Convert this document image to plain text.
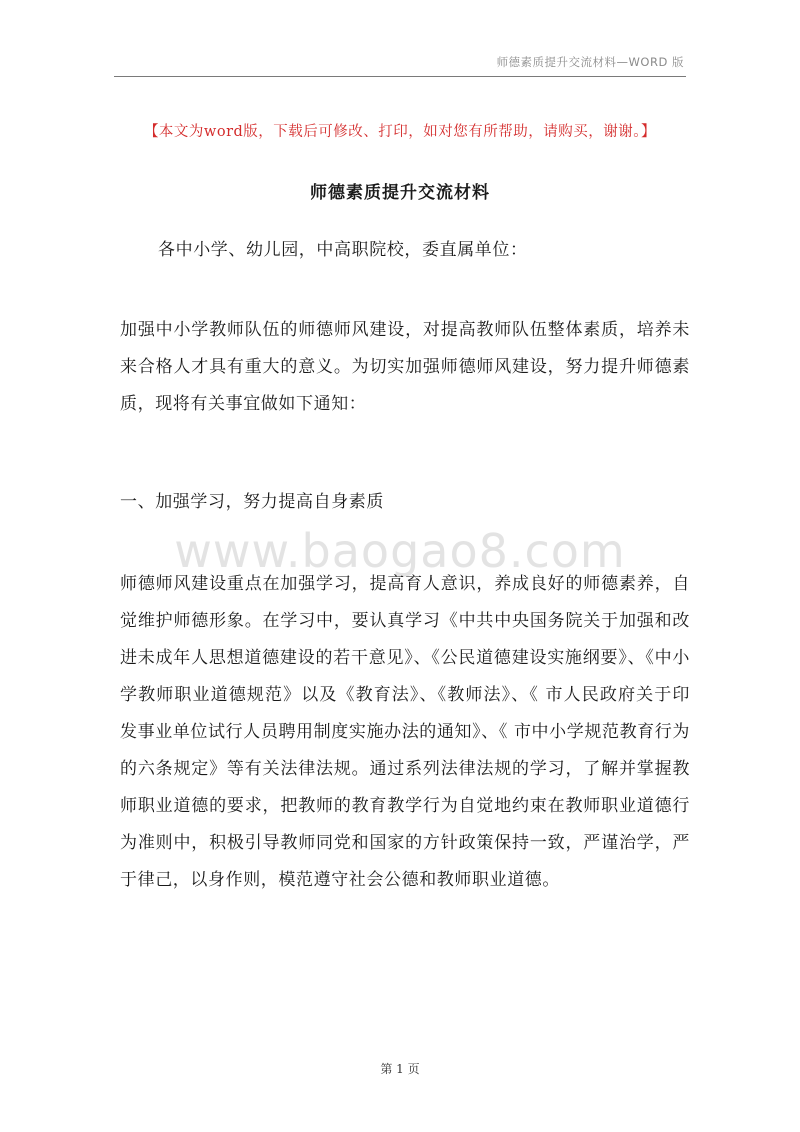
师德素质提升交流材料—WORD 版
【本文为word版，下载后可修改、打印，如对您有所帮助，请购买，谢谢。】
师德素质提升交流材料
各中小学、幼儿园，中高职院校，委直属单位：
加强中小学教师队伍的师德师风建设，对提高教师队伍整体素质，培养未来合格人才具有重大的意义。为切实加强师德师风建设，努力提升师德素质，现将有关事宜做如下通知：
一、加强学习，努力提高自身素质
www.baogao8.com
师德师风建设重点在加强学习，提高育人意识，养成良好的师德素养，自觉维护师德形象。在学习中，要认真学习《中共中央国务院关于加强和改进未成年人思想道德建设的若干意见》、《公民道德建设实施纲要》、《中小学教师职业道德规范》以及《教育法》、《教师法》、《 市人民政府关于印发事业单位试行人员聘用制度实施办法的通知》、《 市中小学规范教育行为的六条规定》等有关法律法规。通过系列法律法规的学习，了解并掌握教师职业道德的要求，把教师的教育教学行为自觉地约束在教师职业道德行为准则中，积极引导教师同党和国家的方针政策保持一致，严谨治学，严于律己，以身作则，模范遵守社会公德和教师职业道德。
第 1 页
